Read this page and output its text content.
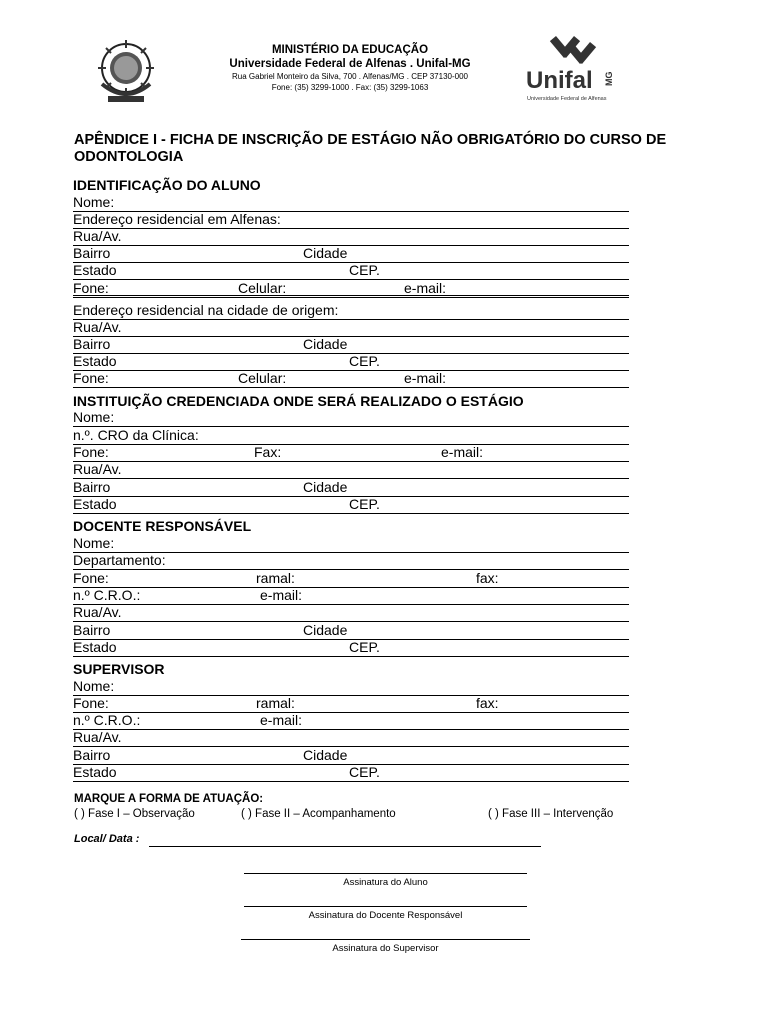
MINISTÉRIO DA EDUCAÇÃO
Universidade Federal de Alfenas . Unifal-MG
Rua Gabriel Monteiro da Silva, 700 . Alfenas/MG . CEP 37130-000
Fone: (35) 3299-1000 . Fax: (35) 3299-1063	Unifal MG
Universidade Federal de Alfenas
APÊNDICE I - FICHA DE INSCRIÇÃO DE ESTÁGIO NÃO OBRIGATÓRIO DO CURSO DE ODONTOLOGIA
IDENTIFICAÇÃO DO ALUNO
Nome:
Endereço residencial em Alfenas:
Rua/Av.
Bairro	Cidade
Estado	CEP.
Fone:	Celular:	e-mail:
Endereço residencial na cidade de origem:
Rua/Av.
Bairro	Cidade
Estado	CEP.
Fone:	Celular:	e-mail:
INSTITUIÇÃO CREDENCIADA ONDE SERÁ REALIZADO O ESTÁGIO
Nome:
n.º. CRO da Clínica:
Fone:	Fax:	e-mail:
Rua/Av.
Bairro	Cidade
Estado	CEP.
DOCENTE RESPONSÁVEL
Nome:
Departamento:
Fone:	ramal:	fax:
n.º C.R.O.:	e-mail:
Rua/Av.
Bairro	Cidade
Estado	CEP.
SUPERVISOR
Nome:
Fone:	ramal:	fax:
n.º C.R.O.:	e-mail:
Rua/Av.
Bairro	Cidade
Estado	CEP.
MARQUE A FORMA DE ATUAÇÃO:
( ) Fase I – Observação	( ) Fase II – Acompanhamento	( ) Fase III – Intervenção
Local/ Data :
Assinatura do Aluno
Assinatura do Docente Responsável
Assinatura do Supervisor
